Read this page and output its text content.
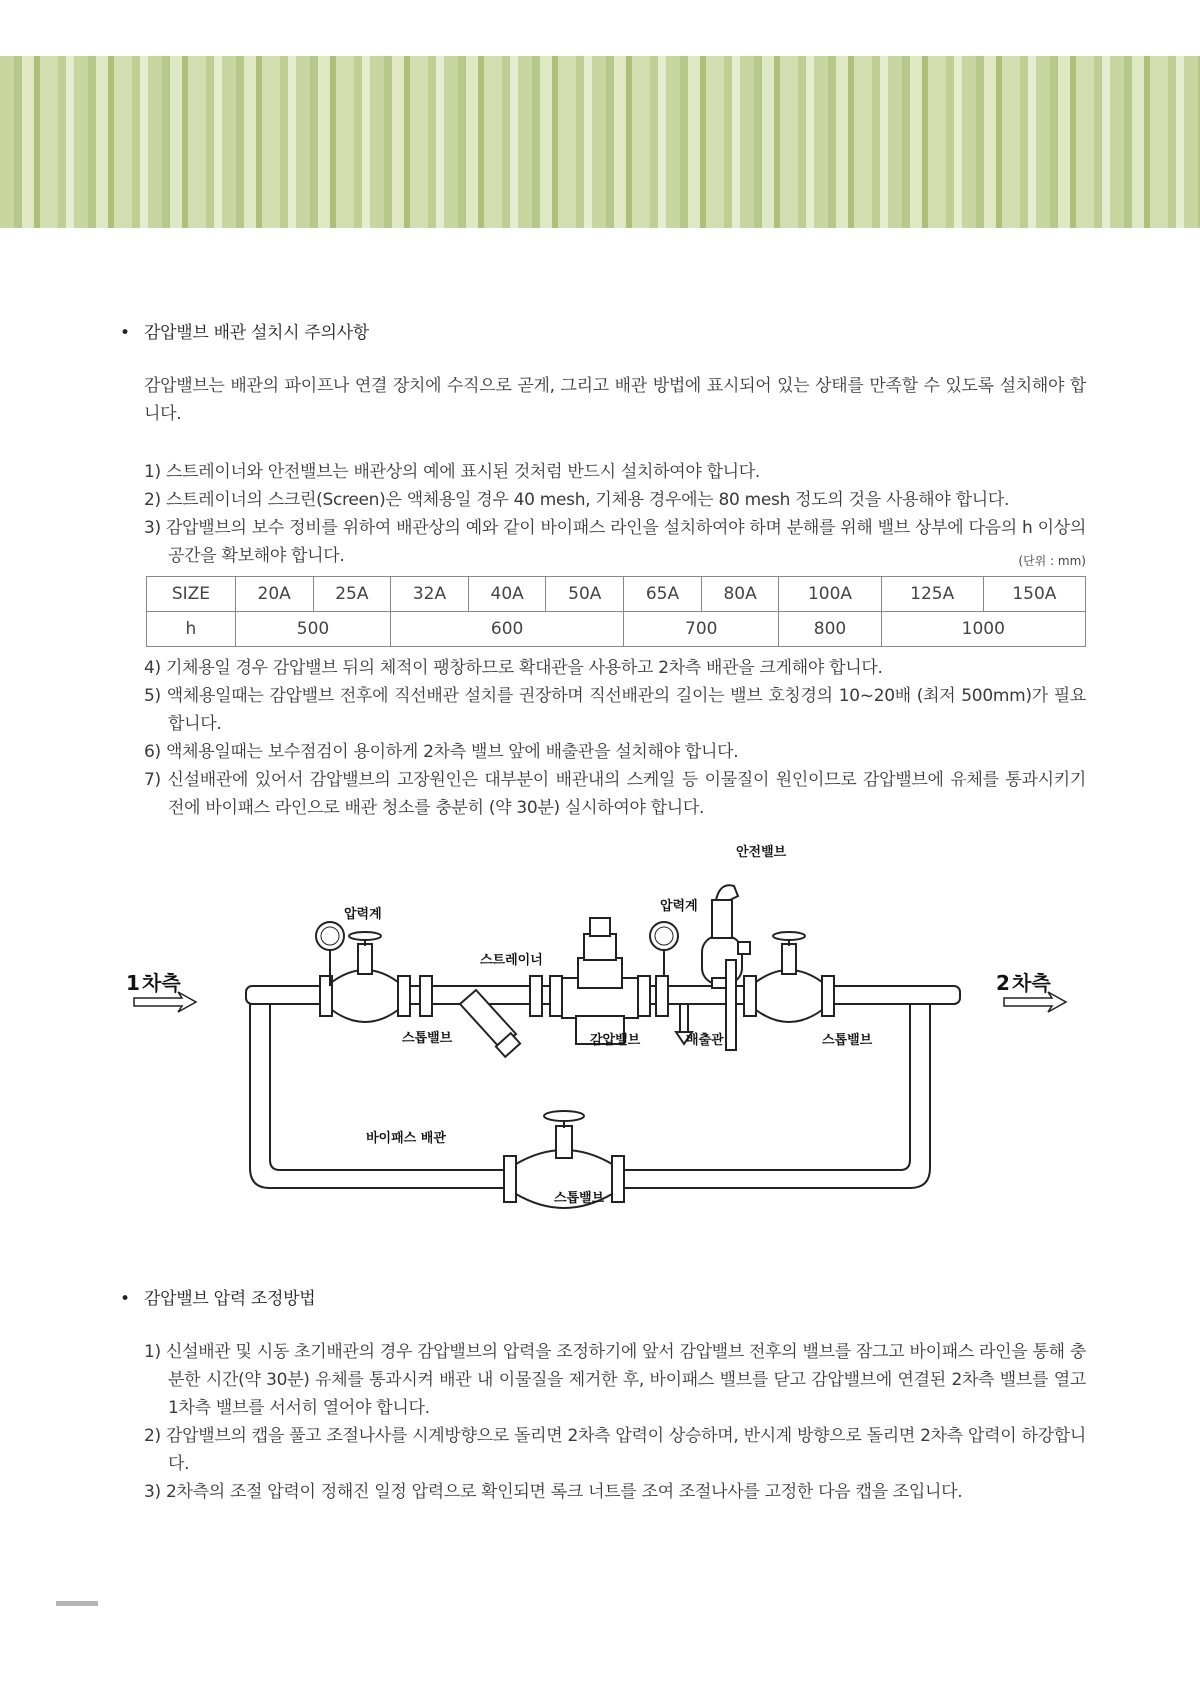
• 감압밸브 배관 설치시 주의사항
감압밸브는 배관의 파이프나 연결 장치에 수직으로 곧게, 그리고 배관 방법에 표시되어 있는 상태를 만족할 수 있도록 설치해야 합니다.
1) 스트레이너와 안전밸브는 배관상의 예에 표시된 것처럼 반드시 설치하여야 합니다.
2) 스트레이너의 스크린(Screen)은 액체용일 경우 40 mesh, 기체용 경우에는 80 mesh 정도의 것을 사용해야 합니다.
3) 감압밸브의 보수 정비를 위하여 배관상의 예와 같이 바이패스 라인을 설치하여야 하며 분해를 위해 밸브 상부에 다음의 h 이상의 공간을 확보해야 합니다.	(단위 : mm)
SIZE	20A	25A	32A	40A	50A	65A	80A	100A	125A	150A
h	500		600			700		800	1000	
4) 기체용일 경우 감압밸브 뒤의 체적이 팽창하므로 확대관을 사용하고 2차측 배관을 크게해야 합니다.
5) 액체용일때는 감압밸브 전후에 직선배관 설치를 권장하며 직선배관의 길이는 밸브 호칭경의 10~20배 (최저 500mm)가 필요합니다.
6) 액체용일때는 보수점검이 용이하게 2차측 밸브 앞에 배출관을 설치해야 합니다.
7) 신설배관에 있어서 감압밸브의 고장원인은 대부분이 배관내의 스케일 등 이물질이 원인이므로 감압밸브에 유체를 통과시키기 전에 바이패스 라인으로 배관 청소를 충분히 (약 30분) 실시하여야 합니다.
안전밸브
압력계
압력계
스트레이너
1 차측	2 차측
스톱밸브	감압밸브	배출관	스톱밸브
바이패스 배관
스톱밸브
• 감압밸브 압력 조정방법
1) 신설배관 및 시동 초기배관의 경우 감압밸브의 압력을 조정하기에 앞서 감압밸브 전후의 밸브를 잠그고 바이패스 라인을 통해 충분한 시간(약 30분) 유체를 통과시켜 배관 내 이물질을 제거한 후, 바이패스 밸브를 닫고 감압밸브에 연결된 2차측 밸브를 열고 1차측 밸브를 서서히 열어야 합니다.
2) 감압밸브의 캡을 풀고 조절나사를 시계방향으로 돌리면 2차측 압력이 상승하며, 반시계 방향으로 돌리면 2차측 압력이 하강합니다.
3) 2차측의 조절 압력이 정해진 일정 압력으로 확인되면 록크 너트를 조여 조절나사를 고정한 다음 캡을 조입니다.
